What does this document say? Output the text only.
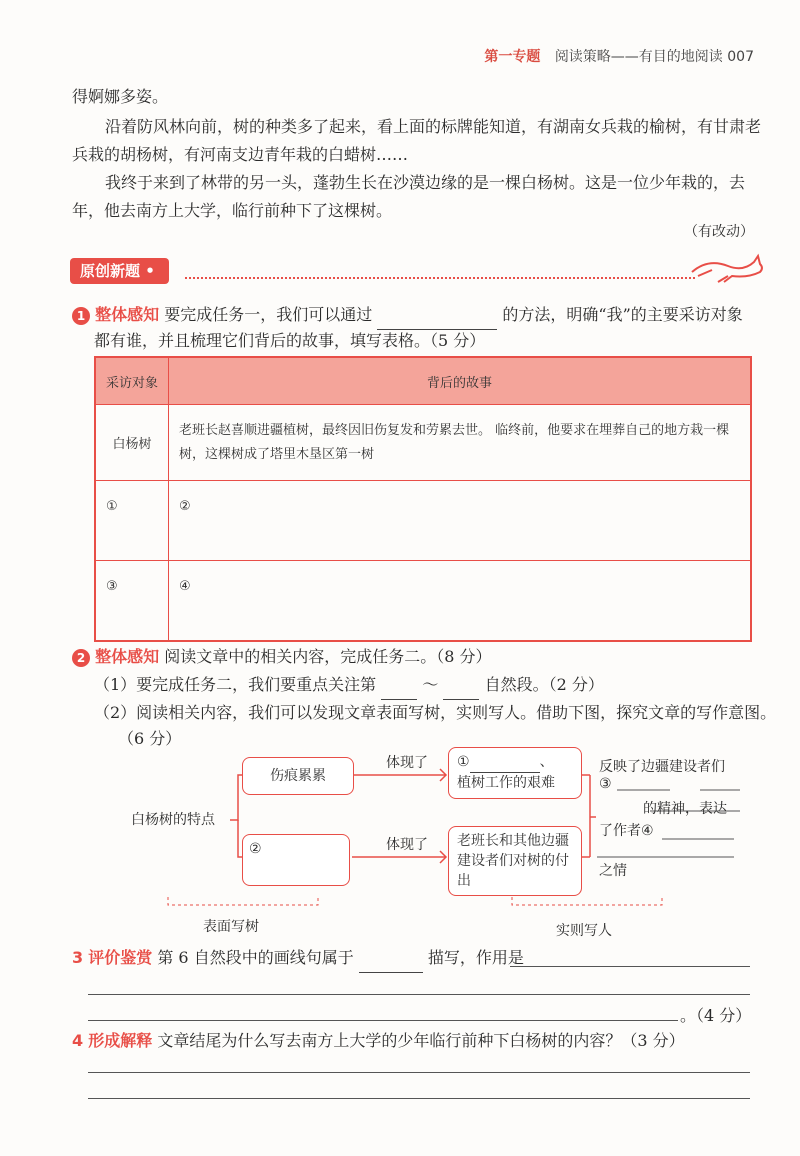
第一专题 阅读策略——有目的地阅读 007
得婀娜多姿。
沿着防风林向前，树的种类多了起来，看上面的标牌能知道，有湖南女兵栽的榆树，有甘肃老
兵栽的胡杨树，有河南支边青年栽的白蜡树……
我终于来到了林带的另一头，蓬勃生长在沙漠边缘的是一棵白杨树。这是一位少年栽的，去
年，他去南方上大学，临行前种下了这棵树。
（有改动）
原创新题 •
1 整体感知 要完成任务一，我们可以通过	的方法，明确“我”的主要采访对象
都有谁，并且梳理它们背后的故事，填写表格。（5 分）
采访对象	背后的故事
白杨树	老班长赵喜顺进疆植树，最终因旧伤复发和劳累去世。 临终前，他要求在埋葬自己的地方栽一棵树，这棵树成了塔里木垦区第一树
①	②
③	④
2 整体感知 阅读文章中的相关内容，完成任务二。（8 分）
（1）要完成任务二，我们要重点关注第	～	自然段。（2 分）
（2）阅读相关内容，我们可以发现文章表面写树，实则写人。借助下图，探究文章的写作意图。
（6 分）
白杨树的特点
伤痕累累
②
体现了
体现了
①	、
植树工作的艰难
老班长和其他边疆建设者们对树的付出
反映了边疆建设者们
③
的精神，表达
了作者④
之情
表面写树	实则写人
3 评价鉴赏 第 6 自然段中的画线句属于	描写，作用是
。（4 分）
4 形成解释 文章结尾为什么写去南方上大学的少年临行前种下白杨树的内容？（3 分）
